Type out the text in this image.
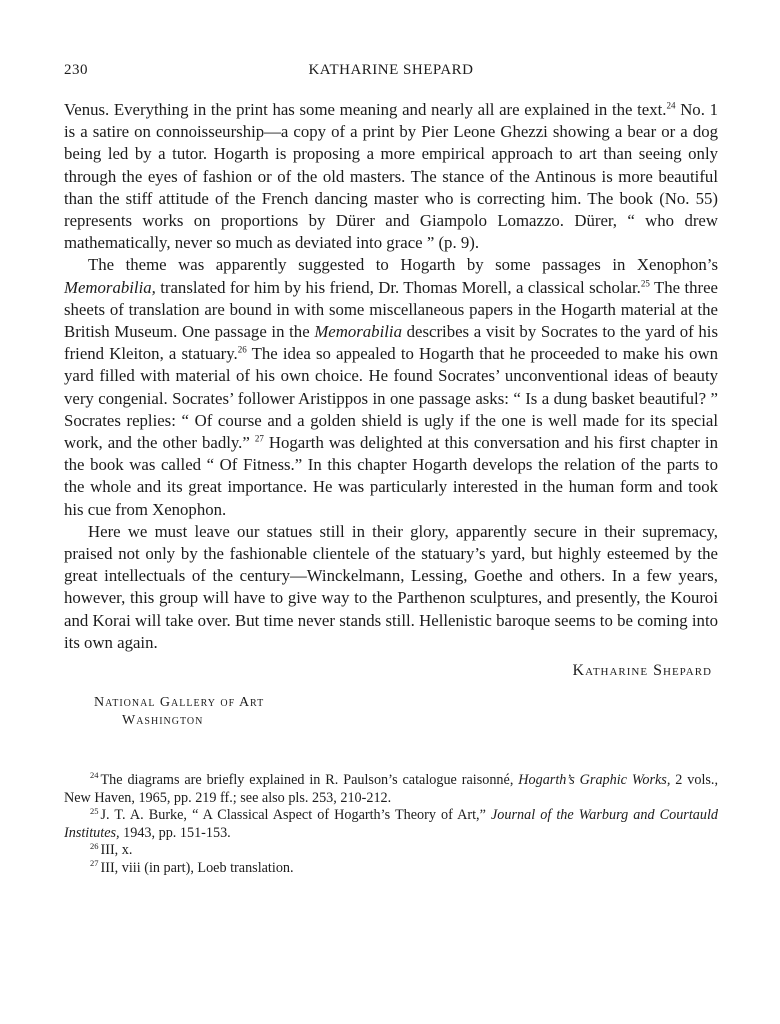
230	KATHARINE SHEPARD

Venus. Everything in the print has some meaning and nearly all are explained in the text.$^{24}$ No. 1 is a satire on connoisseurship—a copy of a print by Pier Leone Ghezzi showing a bear or a dog being led by a tutor. Hogarth is proposing a more empirical approach to art than seeing only through the eyes of fashion or of the old masters. The stance of the Antinous is more beautiful than the stiff attitude of the French dancing master who is correcting him. The book (No. 55) represents works on proportions by Dürer and Giampolo Lomazzo. Dürer, “ who drew mathematically, never so much as deviated into grace ” (p. 9).

The theme was apparently suggested to Hogarth by some passages in Xenophon’s Memorabilia, translated for him by his friend, Dr. Thomas Morell, a classical scholar.$^{25}$ The three sheets of translation are bound in with some miscellaneous papers in the Hogarth material at the British Museum. One passage in the Memorabilia describes a visit by Socrates to the yard of his friend Kleiton, a statuary.$^{26}$ The idea so appealed to Hogarth that he proceeded to make his own yard filled with material of his own choice. He found Socrates’ unconventional ideas of beauty very congenial. Socrates’ follower Aristippos in one passage asks: “ Is a dung basket beautiful? ” Socrates replies: “ Of course and a golden shield is ugly if the one is well made for its special work, and the other badly.” $^{27}$ Hogarth was delighted at this conversation and his first chapter in the book was called “ Of Fitness.” In this chapter Hogarth develops the relation of the parts to the whole and its great importance. He was particularly interested in the human form and took his cue from Xenophon.

Here we must leave our statues still in their glory, apparently secure in their supremacy, praised not only by the fashionable clientele of the statuary’s yard, but highly esteemed by the great intellectuals of the century—Winckelmann, Lessing, Goethe and others. In a few years, however, this group will have to give way to the Parthenon sculptures, and presently, the Kouroi and Korai will take over. But time never stands still. Hellenistic baroque seems to be coming into its own again.

Katharine Shepard
National Gallery of Art
Washington

$^{24}$ The diagrams are briefly explained in R. Paulson’s catalogue raisonné, Hogarth’s Graphic Works, 2 vols., New Haven, 1965, pp. 219 ff.; see also pls. 253, 210-212.

$^{25}$ J. T. A. Burke, “ A Classical Aspect of Hogarth’s Theory of Art,” Journal of the Warburg and Courtauld Institutes, 1943, pp. 151-153.

$^{26}$ III, x.

$^{27}$ III, viii (in part), Loeb translation.
